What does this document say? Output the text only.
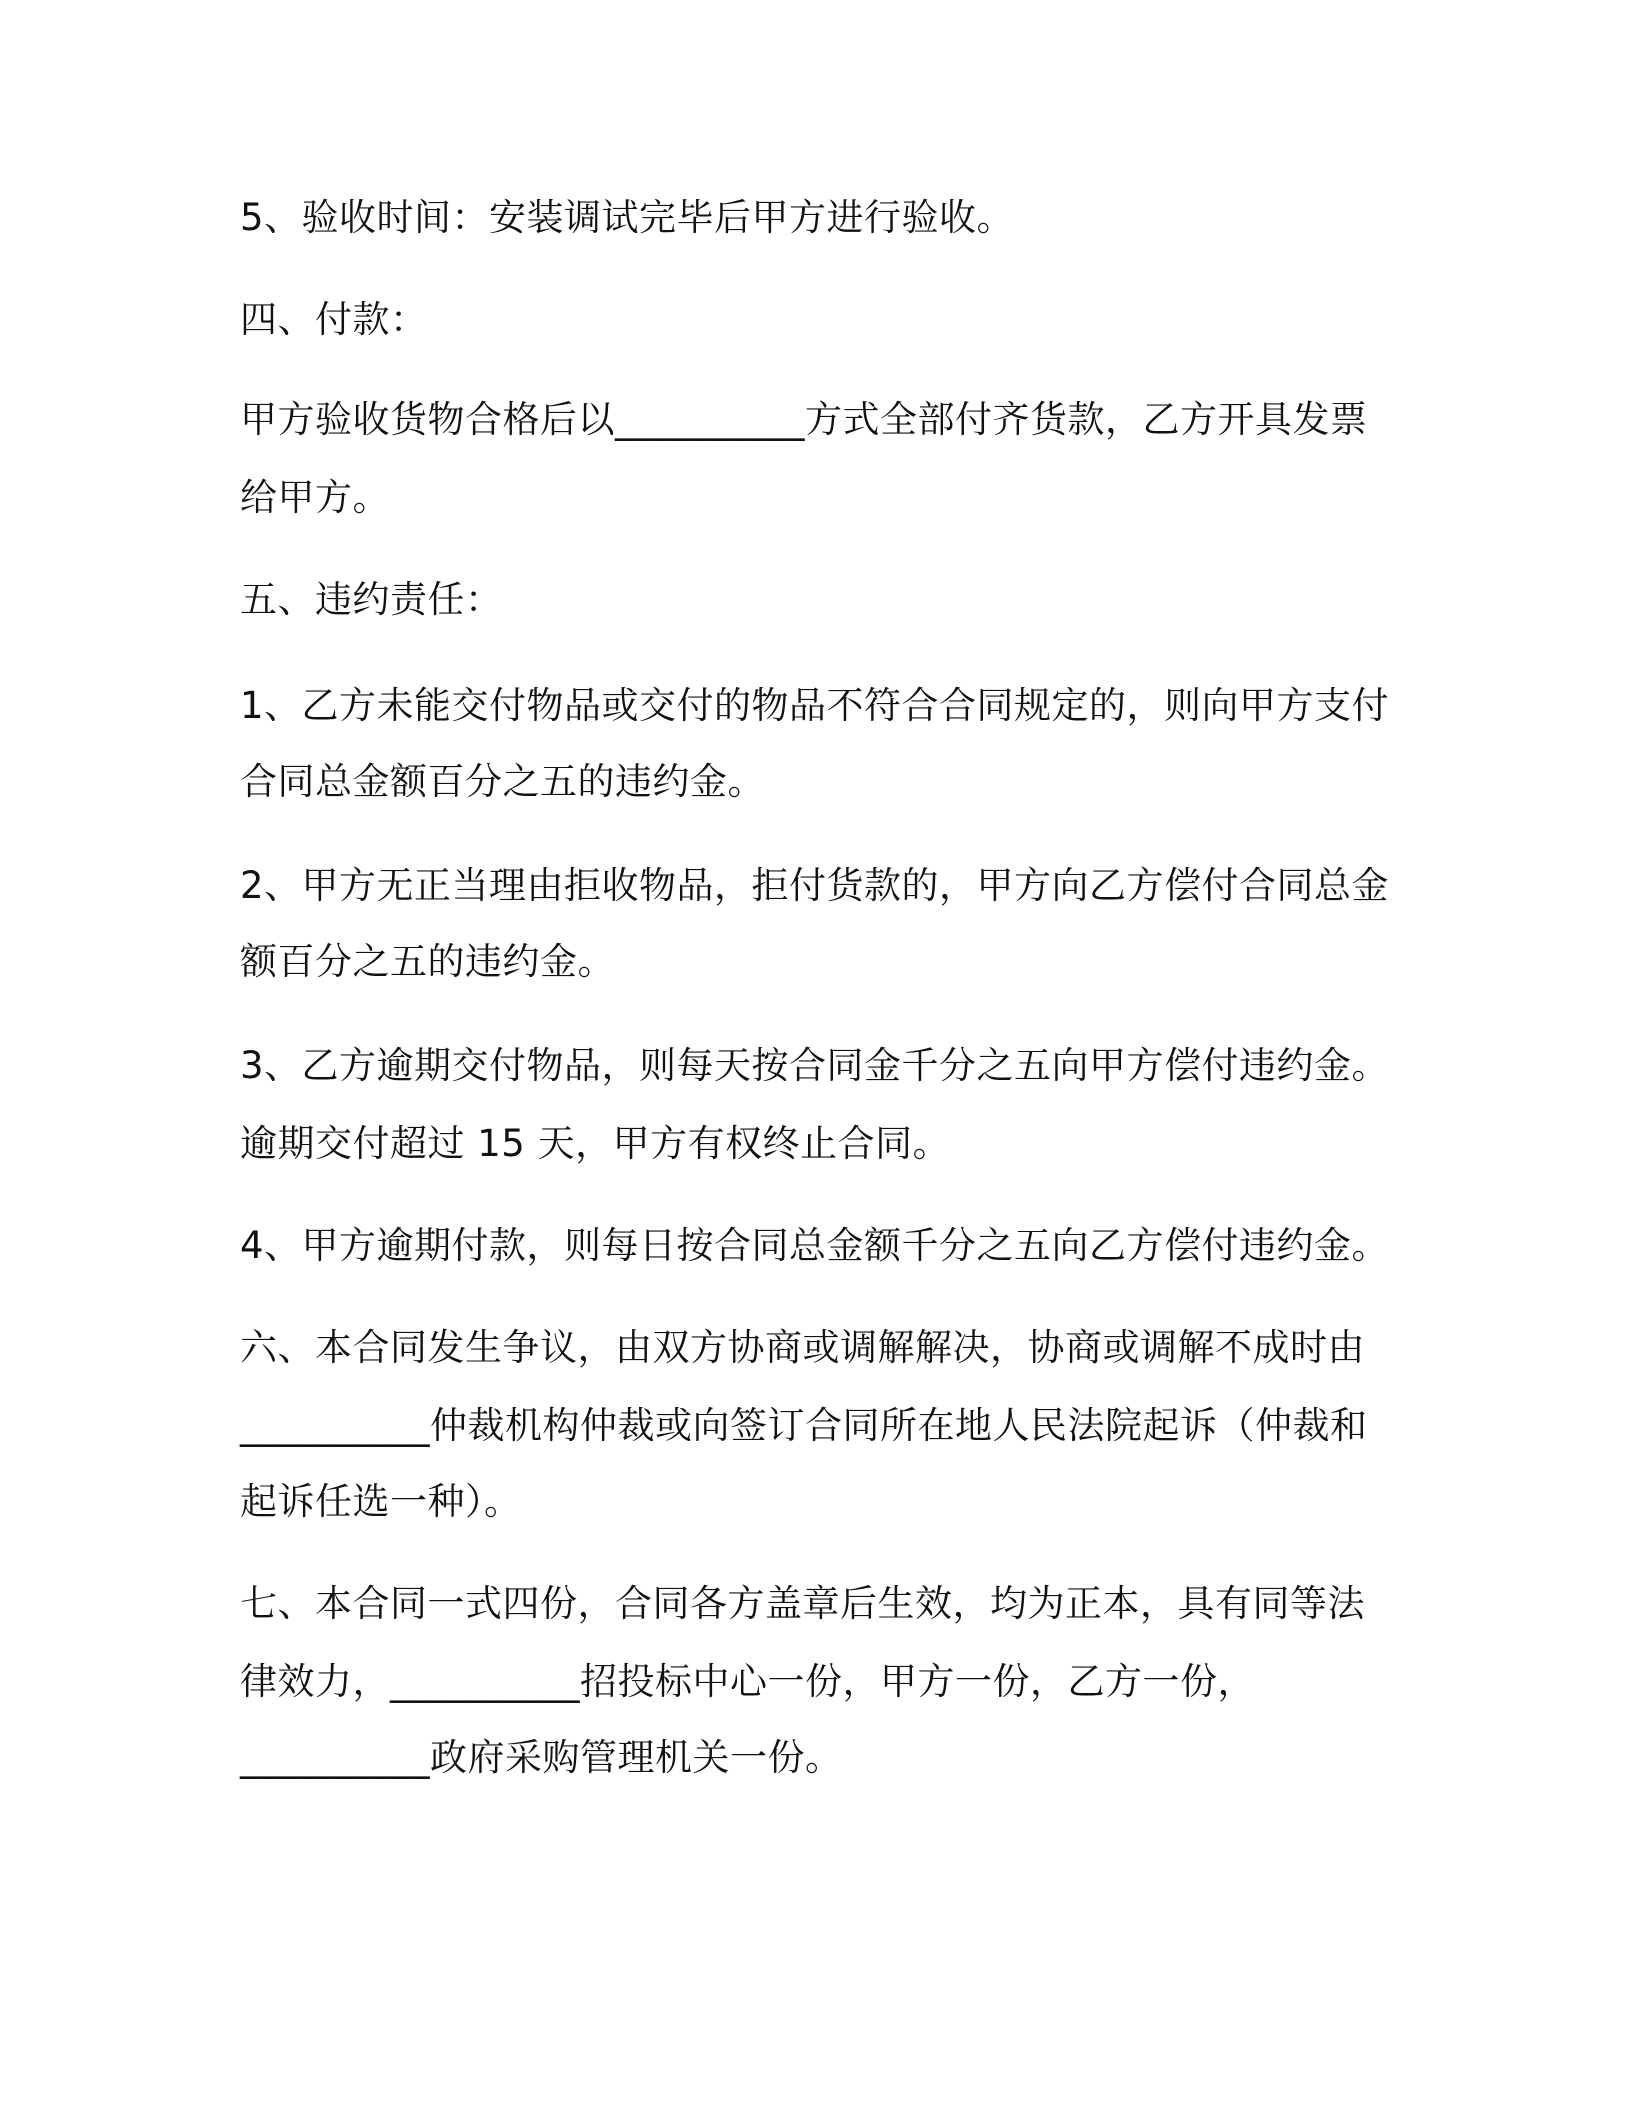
5、验收时间：安装调试完毕后甲方进行验收。
四、付款：
甲方验收货物合格后以__________方式全部付齐货款，乙方开具发票
给甲方。
五、违约责任：
1、乙方未能交付物品或交付的物品不符合合同规定的，则向甲方支付
合同总金额百分之五的违约金。
2、甲方无正当理由拒收物品，拒付货款的，甲方向乙方偿付合同总金
额百分之五的违约金。
3、乙方逾期交付物品，则每天按合同金千分之五向甲方偿付违约金。
逾期交付超过 15 天，甲方有权终止合同。
4、甲方逾期付款，则每日按合同总金额千分之五向乙方偿付违约金。
六、本合同发生争议，由双方协商或调解解决，协商或调解不成时由
__________仲裁机构仲裁或向签订合同所在地人民法院起诉（仲裁和
起诉任选一种）。
七、本合同一式四份，合同各方盖章后生效，均为正本，具有同等法
律效力，__________招投标中心一份，甲方一份，乙方一份，
__________政府采购管理机关一份。
